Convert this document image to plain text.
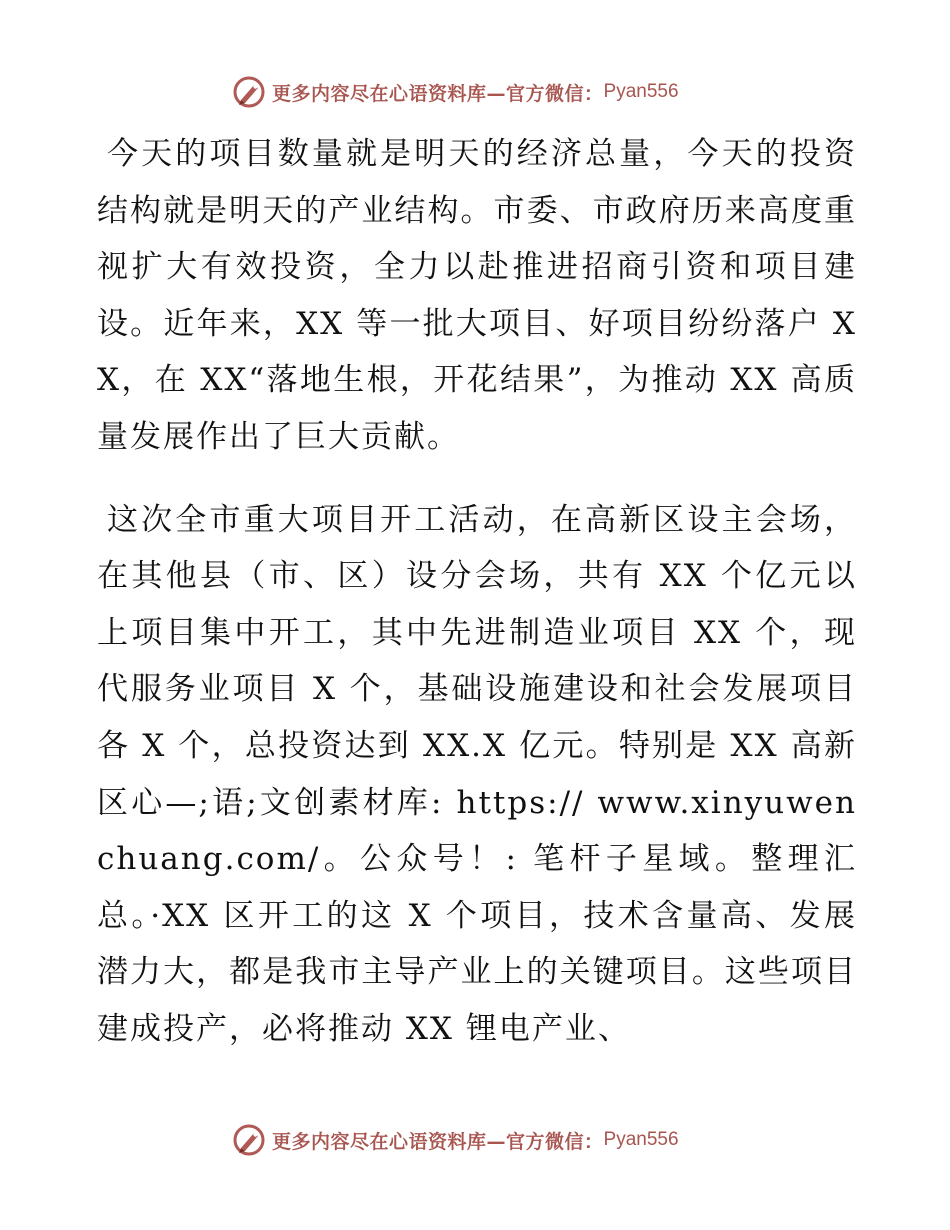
更多内容尽在心语资料库—官方微信： Pyan556

今天的项目数量就是明天的经济总量，今天的投资结构就是明天的产业结构。市委、市政府历来高度重视扩大有效投资，全力以赴推进招商引资和项目建设。近年来，XX 等一批大项目、好项目纷纷落户 XX，在 XX“落地生根，开花结果”，为推动 XX 高质量发展作出了巨大贡献。

这次全市重大项目开工活动，在高新区设主会场，在其他县（市、区）设分会场，共有 XX 个亿元以上项目集中开工，其中先进制造业项目 XX 个，现代服务业项目 X 个，基础设施建设和社会发展项目各 X 个，总投资达到 XX.X 亿元。特别是 XX 高新区心—;语;文创素材库: https:// www.xinyuwenchuang.com/。公众号！: 笔杆子星域。整理汇总。·XX 区开工的这 X 个项目，技术含量高、发展潜力大，都是我市主导产业上的关键项目。这些项目建成投产，必将推动 XX 锂电产业、

更多内容尽在心语资料库—官方微信： Pyan556
